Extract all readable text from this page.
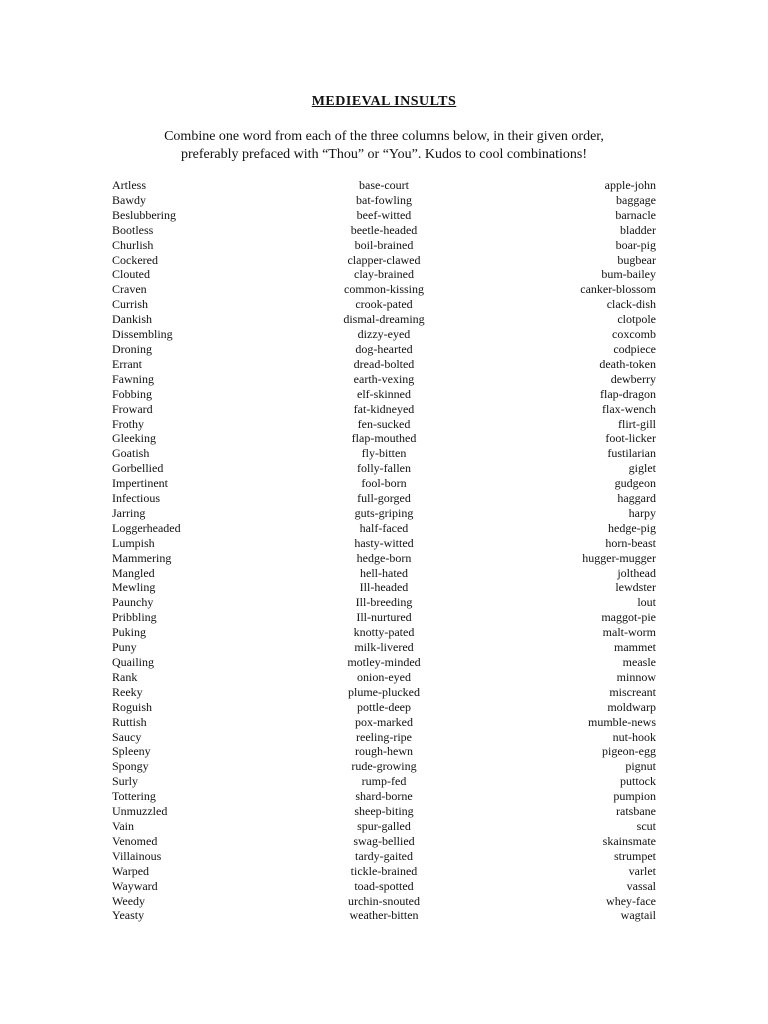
MEDIEVAL INSULTS
Combine one word from each of the three columns below, in their given order,
preferably prefaced with “Thou” or “You”. Kudos to cool combinations!
Artless
Bawdy
Beslubbering
Bootless
Churlish
Cockered
Clouted
Craven
Currish
Dankish
Dissembling
Droning
Errant
Fawning
Fobbing
Froward
Frothy
Gleeking
Goatish
Gorbellied
Impertinent
Infectious
Jarring
Loggerheaded
Lumpish
Mammering
Mangled
Mewling
Paunchy
Pribbling
Puking
Puny
Quailing
Rank
Reeky
Roguish
Ruttish
Saucy
Spleeny
Spongy
Surly
Tottering
Unmuzzled
Vain
Venomed
Villainous
Warped
Wayward
Weedy
Yeasty
base-court
bat-fowling
beef-witted
beetle-headed
boil-brained
clapper-clawed
clay-brained
common-kissing
crook-pated
dismal-dreaming
dizzy-eyed
dog-hearted
dread-bolted
earth-vexing
elf-skinned
fat-kidneyed
fen-sucked
flap-mouthed
fly-bitten
folly-fallen
fool-born
full-gorged
guts-griping
half-faced
hasty-witted
hedge-born
hell-hated
Ill-headed
Ill-breeding
Ill-nurtured
knotty-pated
milk-livered
motley-minded
onion-eyed
plume-plucked
pottle-deep
pox-marked
reeling-ripe
rough-hewn
rude-growing
rump-fed
shard-borne
sheep-biting
spur-galled
swag-bellied
tardy-gaited
tickle-brained
toad-spotted
urchin-snouted
weather-bitten
apple-john
baggage
barnacle
bladder
boar-pig
bugbear
bum-bailey
canker-blossom
clack-dish
clotpole
coxcomb
codpiece
death-token
dewberry
flap-dragon
flax-wench
flirt-gill
foot-licker
fustilarian
giglet
gudgeon
haggard
harpy
hedge-pig
horn-beast
hugger-mugger
jolthead
lewdster
lout
maggot-pie
malt-worm
mammet
measle
minnow
miscreant
moldwarp
mumble-news
nut-hook
pigeon-egg
pignut
puttock
pumpion
ratsbane
scut
skainsmate
strumpet
varlet
vassal
whey-face
wagtail
